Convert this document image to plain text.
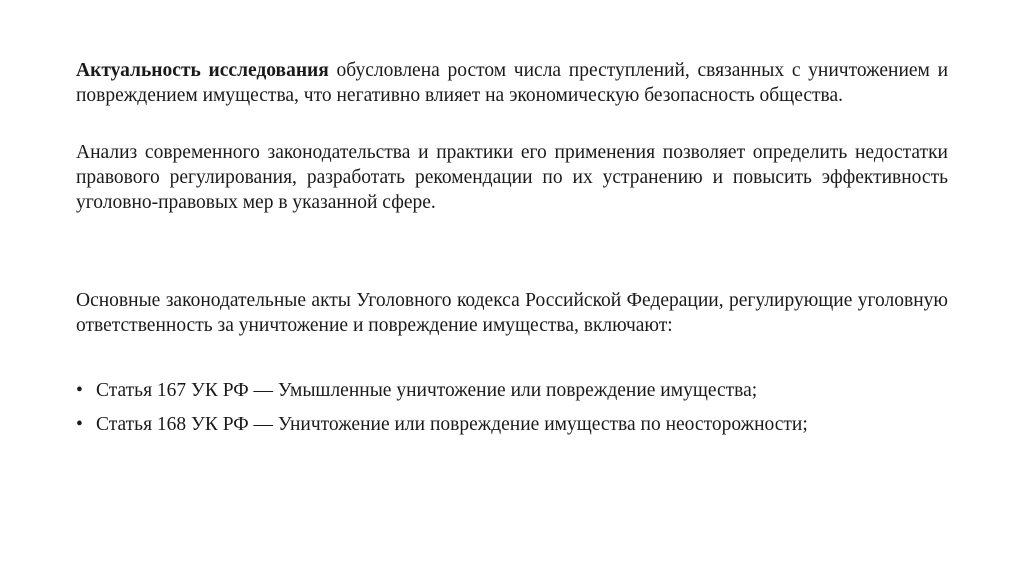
Актуальность исследования обусловлена ростом числа преступлений, связанных с уничтожением и повреждением имущества, что негативно влияет на экономическую безопасность общества.

Анализ современного законодательства и практики его применения позволяет определить недостатки правового регулирования, разработать рекомендации по их устранению и повысить эффективность уголовно-правовых мер в указанной сфере.

Основные законодательные акты Уголовного кодекса Российской Федерации, регулирующие уголовную ответственность за уничтожение и повреждение имущества, включают:

• Статья 167 УК РФ — Умышленные уничтожение или повреждение имущества;
• Статья 168 УК РФ — Уничтожение или повреждение имущества по неосторожности;
